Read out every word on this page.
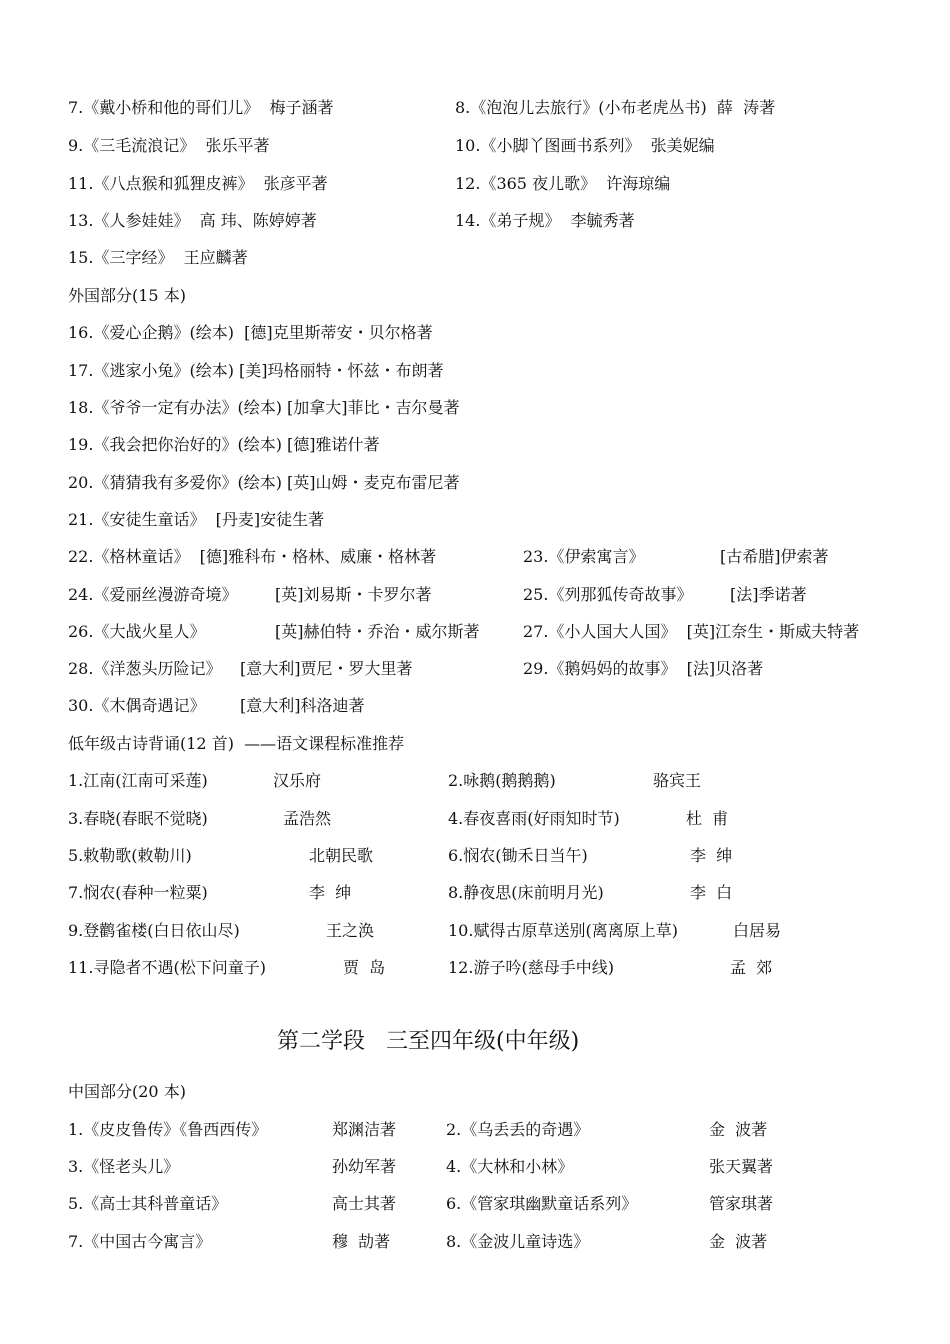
7.《戴小桥和他的哥们儿》  梅子涵著	8.《泡泡儿去旅行》(小布老虎丛书)  薛  涛著
9.《三毛流浪记》  张乐平著	10.《小脚丫图画书系列》  张美妮编
11.《八点猴和狐狸皮裤》  张彦平著	12.《365 夜儿歌》  许海琼编
13.《人参娃娃》  高 玮、陈婷婷著	14.《弟子规》  李毓秀著
15.《三字经》  王应麟著
外国部分(15 本)
16.《爱心企鹅》(绘本)  [德]克里斯蒂安・贝尔格著
17.《逃家小兔》(绘本) [美]玛格丽特・怀兹・布朗著
18.《爷爷一定有办法》(绘本) [加拿大]菲比・吉尔曼著
19.《我会把你治好的》(绘本) [德]雅诺什著
20.《猜猜我有多爱你》(绘本) [英]山姆・麦克布雷尼著
21.《安徒生童话》  [丹麦]安徒生著
22.《格林童话》  [德]雅科布・格林、威廉・格林著	23.《伊索寓言》	[古希腊]伊索著
24.《爱丽丝漫游奇境》 [英]刘易斯・卡罗尔著	25.《列那狐传奇故事》 [法]季诺著
26.《大战火星人》	[英]赫伯特・乔治・威尔斯著	27.《小人国大人国》  [英]江奈生・斯威夫特著
28.《洋葱头历险记》 [意大利]贾尼・罗大里著	29.《鹅妈妈的故事》  [法]贝洛著
30.《木偶奇遇记》 [意大利]科洛迪著
低年级古诗背诵(12 首)  ——语文课程标准推荐
1.江南(江南可采莲)	汉乐府	2.咏鹅(鹅鹅鹅)	骆宾王
3.春晓(春眠不觉晓)	孟浩然	4.春夜喜雨(好雨知时节)	杜  甫
5.敕勒歌(敕勒川)	北朝民歌	6.悯农(锄禾日当午)	李  绅
7.悯农(春种一粒粟)	李  绅	8.静夜思(床前明月光)	李  白
9.登鹳雀楼(白日依山尽)	王之涣	10.赋得古原草送别(离离原上草)	白居易
11.寻隐者不遇(松下问童子)	贾  岛	12.游子吟(慈母手中线)	孟  郊
第二学段   三至四年级(中年级)
中国部分(20 本)
1.《皮皮鲁传》《鲁西西传》	郑渊洁著	2.《乌丢丢的奇遇》	金  波著
3.《怪老头儿》	孙幼军著	4.《大林和小林》	张天翼著
5.《高士其科普童话》	高士其著	6.《管家琪幽默童话系列》	管家琪著
7.《中国古今寓言》	穆  劼著	8.《金波儿童诗选》	金  波著
